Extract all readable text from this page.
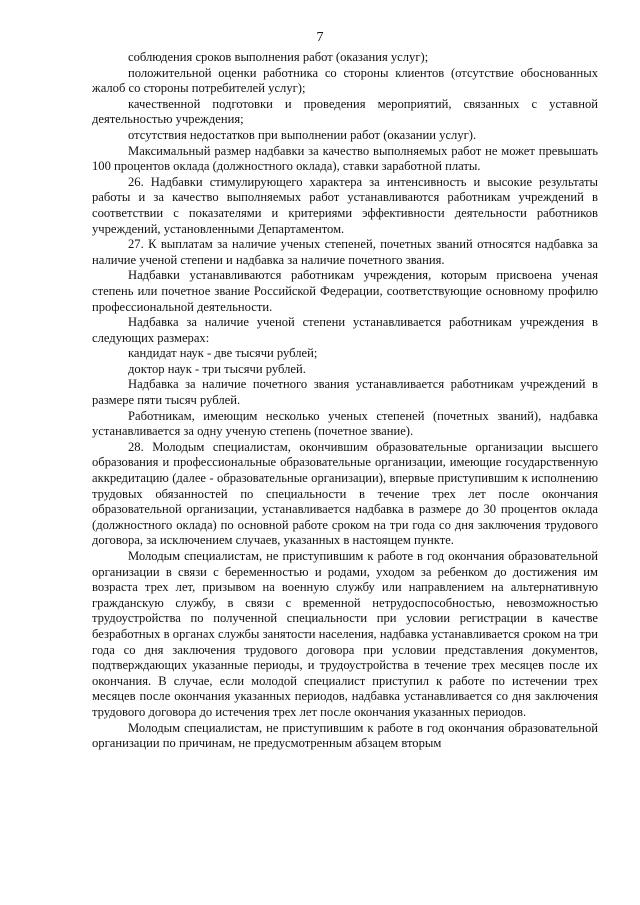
7

соблюдения сроков выполнения работ (оказания услуг);

положительной оценки работника со стороны клиентов (отсутствие обоснованных жалоб со стороны потребителей услуг);

качественной подготовки и проведения мероприятий, связанных с уставной деятельностью учреждения;

отсутствия недостатков при выполнении работ (оказании услуг).

Максимальный размер надбавки за качество выполняемых работ не может превышать 100 процентов оклада (должностного оклада), ставки заработной платы.

26. Надбавки стимулирующего характера за интенсивность и высокие результаты работы и за качество выполняемых работ устанавливаются работникам учреждений в соответствии с показателями и критериями эффективности деятельности работников учреждений, установленными Департаментом.

27. К выплатам за наличие ученых степеней, почетных званий относятся надбавка за наличие ученой степени и надбавка за наличие почетного звания.

Надбавки устанавливаются работникам учреждения, которым присвоена ученая степень или почетное звание Российской Федерации, соответствующие основному профилю профессиональной деятельности.

Надбавка за наличие ученой степени устанавливается работникам учреждения в следующих размерах:

кандидат наук - две тысячи рублей;

доктор наук - три тысячи рублей.

Надбавка за наличие почетного звания устанавливается работникам учреждений в размере пяти тысяч рублей.

Работникам, имеющим несколько ученых степеней (почетных званий), надбавка устанавливается за одну ученую степень (почетное звание).

28. Молодым специалистам, окончившим образовательные организации высшего образования и профессиональные образовательные организации, имеющие государственную аккредитацию (далее - образовательные организации), впервые приступившим к исполнению трудовых обязанностей по специальности в течение трех лет после окончания образовательной организации, устанавливается надбавка в размере до 30 процентов оклада (должностного оклада) по основной работе сроком на три года со дня заключения трудового договора, за исключением случаев, указанных в настоящем пункте.

Молодым специалистам, не приступившим к работе в год окончания образовательной организации в связи с беременностью и родами, уходом за ребенком до достижения им возраста трех лет, призывом на военную службу или направлением на альтернативную гражданскую службу, в связи с временной нетрудоспособностью, невозможностью трудоустройства по полученной специальности при условии регистрации в качестве безработных в органах службы занятости населения, надбавка устанавливается сроком на три года со дня заключения трудового договора при условии представления документов, подтверждающих указанные периоды, и трудоустройства в течение трех месяцев после их окончания. В случае, если молодой специалист приступил к работе по истечении трех месяцев после окончания указанных периодов, надбавка устанавливается со дня заключения трудового договора до истечения трех лет после окончания указанных периодов.

Молодым специалистам, не приступившим к работе в год окончания образовательной организации по причинам, не предусмотренным абзацем вторым
